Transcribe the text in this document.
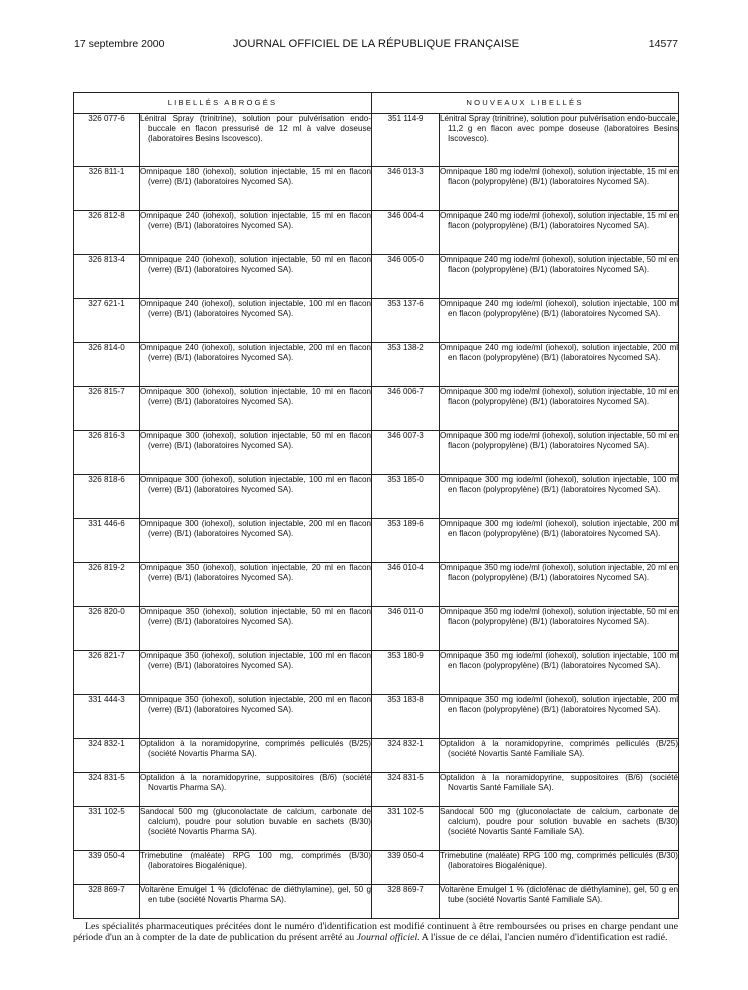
17 septembre 2000	JOURNAL OFFICIEL DE LA RÉPUBLIQUE FRANÇAISE	14577
LIBELLÉS ABROGÉS		NOUVEAUX LIBELLÉS	

326 077-6	Lénitral Spray (trinitrine), solution pour pulvérisation endo-buccale en flacon pressurisé de 12 ml à valve doseuse (laboratoires Besins Iscovesco).	351 114-9	Lénitral Spray (trinitrine), solution pour pulvérisation endo-buccale, 11,2 g en flacon avec pompe doseuse (laboratoires Besins Iscovesco).

326 811-1	Omnipaque 180 (iohexol), solution injectable, 15 ml en flacon (verre) (B/1) (laboratoires Nycomed SA).	346 013-3	Omnipaque 180 mg iode/ml (iohexol), solution injectable, 15 ml en flacon (polypropylène) (B/1) (laboratoires Nycomed SA).

326 812-8	Omnipaque 240 (iohexol), solution injectable, 15 ml en flacon (verre) (B/1) (laboratoires Nycomed SA).	346 004-4	Omnipaque 240 mg iode/ml (iohexol), solution injectable, 15 ml en flacon (polypropylène) (B/1) (laboratoires Nycomed SA).

326 813-4	Omnipaque 240 (iohexol), solution injectable, 50 ml en flacon (verre) (B/1) (laboratoires Nycomed SA).	346 005-0	Omnipaque 240 mg iode/ml (iohexol), solution injectable, 50 ml en flacon (polypropylène) (B/1) (laboratoires Nycomed SA).

327 621-1	Omnipaque 240 (iohexol), solution injectable, 100 ml en flacon (verre) (B/1) (laboratoires Nycomed SA).	353 137-6	Omnipaque 240 mg iode/ml (iohexol), solution injectable, 100 ml en flacon (polypropylène) (B/1) (laboratoires Nycomed SA).

326 814-0	Omnipaque 240 (iohexol), solution injectable, 200 ml en flacon (verre) (B/1) (laboratoires Nycomed SA).	353 138-2	Omnipaque 240 mg iode/ml (iohexol), solution injectable, 200 ml en flacon (polypropylène) (B/1) (laboratoires Nycomed SA).

326 815-7	Omnipaque 300 (iohexol), solution injectable, 10 ml en flacon (verre) (B/1) (laboratoires Nycomed SA).	346 006-7	Omnipaque 300 mg iode/ml (iohexol), solution injectable, 10 ml en flacon (polypropylène) (B/1) (laboratoires Nycomed SA).

326 816-3	Omnipaque 300 (iohexol), solution injectable, 50 ml en flacon (verre) (B/1) (laboratoires Nycomed SA).	346 007-3	Omnipaque 300 mg iode/ml (iohexol), solution injectable, 50 ml en flacon (polypropylène) (B/1) (laboratoires Nycomed SA).

326 818-6	Omnipaque 300 (iohexol), solution injectable, 100 ml en flacon (verre) (B/1) (laboratoires Nycomed SA).	353 185-0	Omnipaque 300 mg iode/ml (iohexol), solution injectable, 100 ml en flacon (polypropylène) (B/1) (laboratoires Nycomed SA).

331 446-6	Omnipaque 300 (iohexol), solution injectable, 200 ml en flacon (verre) (B/1) (laboratoires Nycomed SA).	353 189-6	Omnipaque 300 mg iode/ml (iohexol), solution injectable, 200 ml en flacon (polypropylène) (B/1) (laboratoires Nycomed SA).

326 819-2	Omnipaque 350 (iohexol), solution injectable, 20 ml en flacon (verre) (B/1) (laboratoires Nycomed SA).	346 010-4	Omnipaque 350 mg iode/ml (iohexol), solution injectable, 20 ml en flacon (polypropylène) (B/1) (laboratoires Nycomed SA).

326 820-0	Omnipaque 350 (iohexol), solution injectable, 50 ml en flacon (verre) (B/1) (laboratoires Nycomed SA).	346 011-0	Omnipaque 350 mg iode/ml (iohexol), solution injectable, 50 ml en flacon (polypropylène) (B/1) (laboratoires Nycomed SA).

326 821-7	Omnipaque 350 (iohexol), solution injectable, 100 ml en flacon (verre) (B/1) (laboratoires Nycomed SA).	353 180-9	Omnipaque 350 mg iode/ml (iohexol), solution injectable, 100 ml en flacon (polypropylène) (B/1) (laboratoires Nycomed SA).

331 444-3	Omnipaque 350 (iohexol), solution injectable, 200 ml en flacon (verre) (B/1) (laboratoires Nycomed SA).	353 183-8	Omnipaque 350 mg iode/ml (iohexol), solution injectable, 200 ml en flacon (polypropylène) (B/1) (laboratoires Nycomed SA).

324 832-1	Optalidon à la noramidopyrine, comprimés pelliculés (B/25) (société Novartis Pharma SA).	324 832-1	Optalidon à la noramidopyrine, comprimés pelliculés (B/25) (société Novartis Santé Familiale SA).

324 831-5	Optalidon à la noramidopyrine, suppositoires (B/6) (société Novartis Pharma SA).	324 831-5	Optalidon à la noramidopyrine, suppositoires (B/6) (société Novartis Santé Familiale SA).

331 102-5	Sandocal 500 mg (gluconolactate de calcium, carbonate de calcium), poudre pour solution buvable en sachets (B/30) (société Novartis Pharma SA).	331 102-5	Sandocal 500 mg (gluconolactate de calcium, carbonate de calcium), poudre pour solution buvable en sachets (B/30) (société Novartis Santé Familiale SA).

339 050-4	Trimebutine (maléate) RPG 100 mg, comprimés (B/30) (laboratoires Biogalénique).	339 050-4	Trimebutine (maléate) RPG 100 mg, comprimés pelliculés (B/30) (laboratoires Biogalénique).

328 869-7	Voltarène Emulgel 1 % (diclofénac de diéthylamine), gel, 50 g en tube (société Novartis Pharma SA).	328 869-7	Voltarène Emulgel 1 % (diclofénac de diéthylamine), gel, 50 g en tube (société Novartis Santé Familiale SA).
Les spécialités pharmaceutiques précitées dont le numéro d'identification est modifié continuent à être remboursées ou prises en charge pendant une période d'un an à compter de la date de publication du présent arrêté au Journal officiel. A l'issue de ce délai, l'ancien numéro d'identification est radié.
